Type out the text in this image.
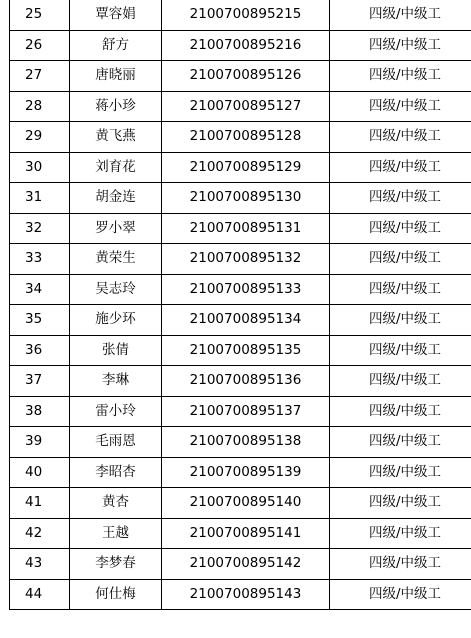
25	覃容娟	2100700895215	四级/中级工
26	舒方	2100700895216	四级/中级工
27	唐晓丽	2100700895126	四级/中级工
28	蒋小珍	2100700895127	四级/中级工
29	黄飞燕	2100700895128	四级/中级工
30	刘育花	2100700895129	四级/中级工
31	胡金连	2100700895130	四级/中级工
32	罗小翠	2100700895131	四级/中级工
33	黄荣生	2100700895132	四级/中级工
34	吴志玲	2100700895133	四级/中级工
35	施少环	2100700895134	四级/中级工
36	张倩	2100700895135	四级/中级工
37	李琳	2100700895136	四级/中级工
38	雷小玲	2100700895137	四级/中级工
39	毛雨恩	2100700895138	四级/中级工
40	李昭杏	2100700895139	四级/中级工
41	黄杏	2100700895140	四级/中级工
42	王越	2100700895141	四级/中级工
43	李梦春	2100700895142	四级/中级工
44	何仕梅	2100700895143	四级/中级工
